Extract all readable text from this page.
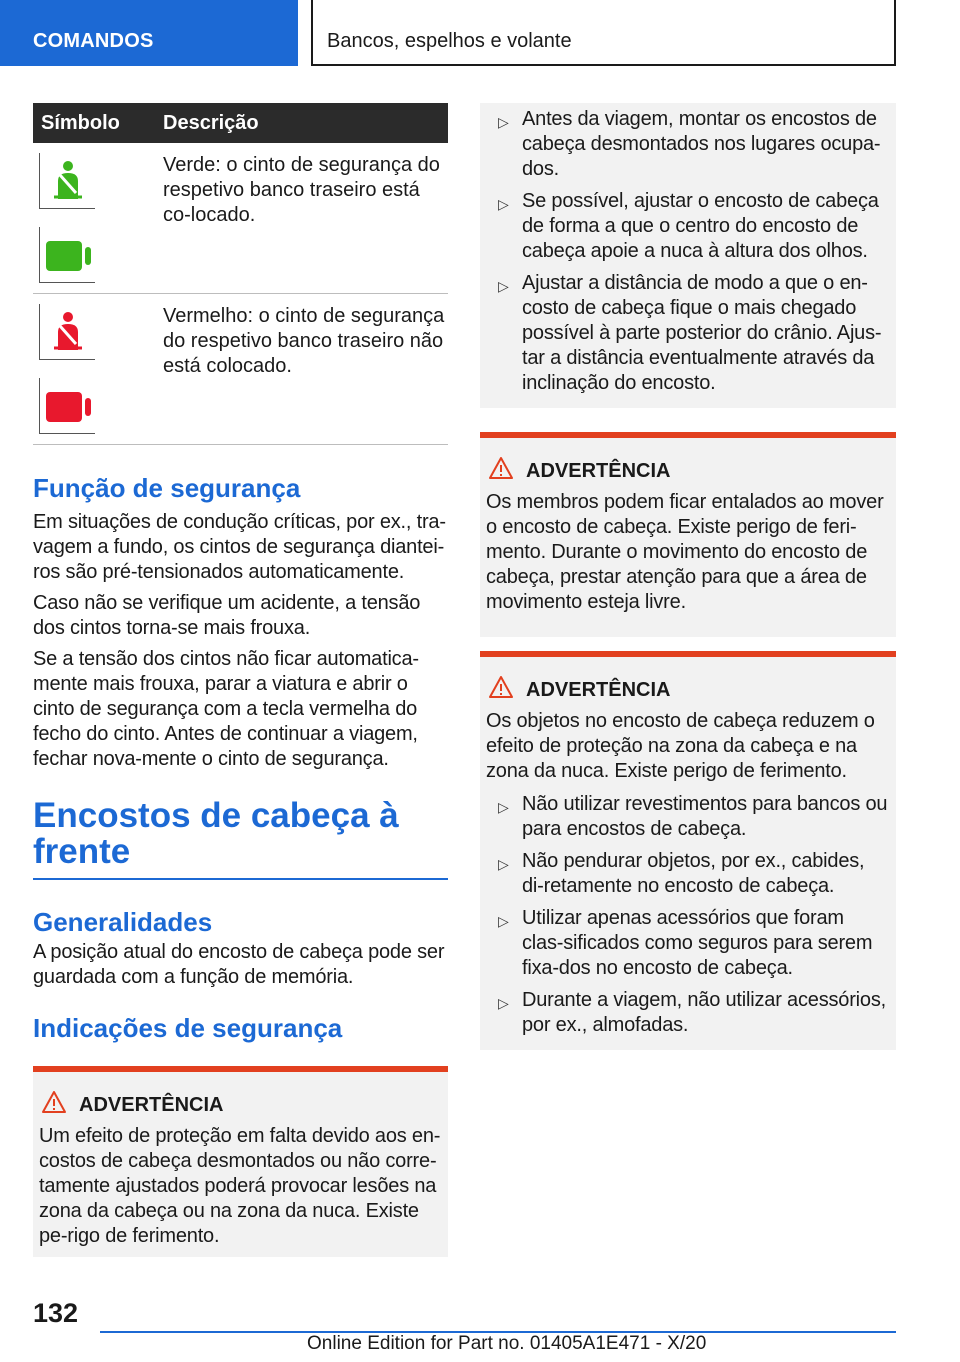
COMANDOS	Bancos, espelhos e volante
Símbolo	Descrição

	Verde: o cinto de segurança do respetivo banco traseiro está co-locado.

	Vermelho: o cinto de segurança do respetivo banco traseiro não está colocado.
Função de segurança

Em situações de condução críticas, por ex., tra-vagem a fundo, os cintos de segurança diantei-ros são pré-tensionados automaticamente.

Caso não se verifique um acidente, a tensão dos cintos torna-se mais frouxa.

Se a tensão dos cintos não ficar automatica-mente mais frouxa, parar a viatura e abrir o cinto de segurança com a tecla vermelha do fecho do cinto. Antes de continuar a viagem, fechar nova-mente o cinto de segurança.

Encostos de cabeça à frente
Generalidades

A posição atual do encosto de cabeça pode ser guardada com a função de memória.

Indicações de segurança
ADVERTÊNCIA
Um efeito de proteção em falta devido aos en-costos de cabeça desmontados ou não corre-tamente ajustados poderá provocar lesões na zona da cabeça ou na zona da nuca. Existe pe-rigo de ferimento.
▷ Antes da viagem, montar os encostos de cabeça desmontados nos lugares ocupa-dos.
▷ Se possível, ajustar o encosto de cabeça de forma a que o centro do encosto de cabeça apoie a nuca à altura dos olhos.
▷ Ajustar a distância de modo a que o en-costo de cabeça fique o mais chegado possível à parte posterior do crânio. Ajus-tar a distância eventualmente através da inclinação do encosto.
ADVERTÊNCIA
Os membros podem ficar entalados ao mover o encosto de cabeça. Existe perigo de feri-mento. Durante o movimento do encosto de cabeça, prestar atenção para que a área de movimento esteja livre.
ADVERTÊNCIA
Os objetos no encosto de cabeça reduzem o efeito de proteção na zona da cabeça e na zona da nuca. Existe perigo de ferimento.
▷ Não utilizar revestimentos para bancos ou para encostos de cabeça.
▷ Não pendurar objetos, por ex., cabides, di-retamente no encosto de cabeça.
▷ Utilizar apenas acessórios que foram clas-sificados como seguros para serem fixa-dos no encosto de cabeça.
▷ Durante a viagem, não utilizar acessórios, por ex., almofadas.
132
Online Edition for Part no. 01405A1E471 - X/20
